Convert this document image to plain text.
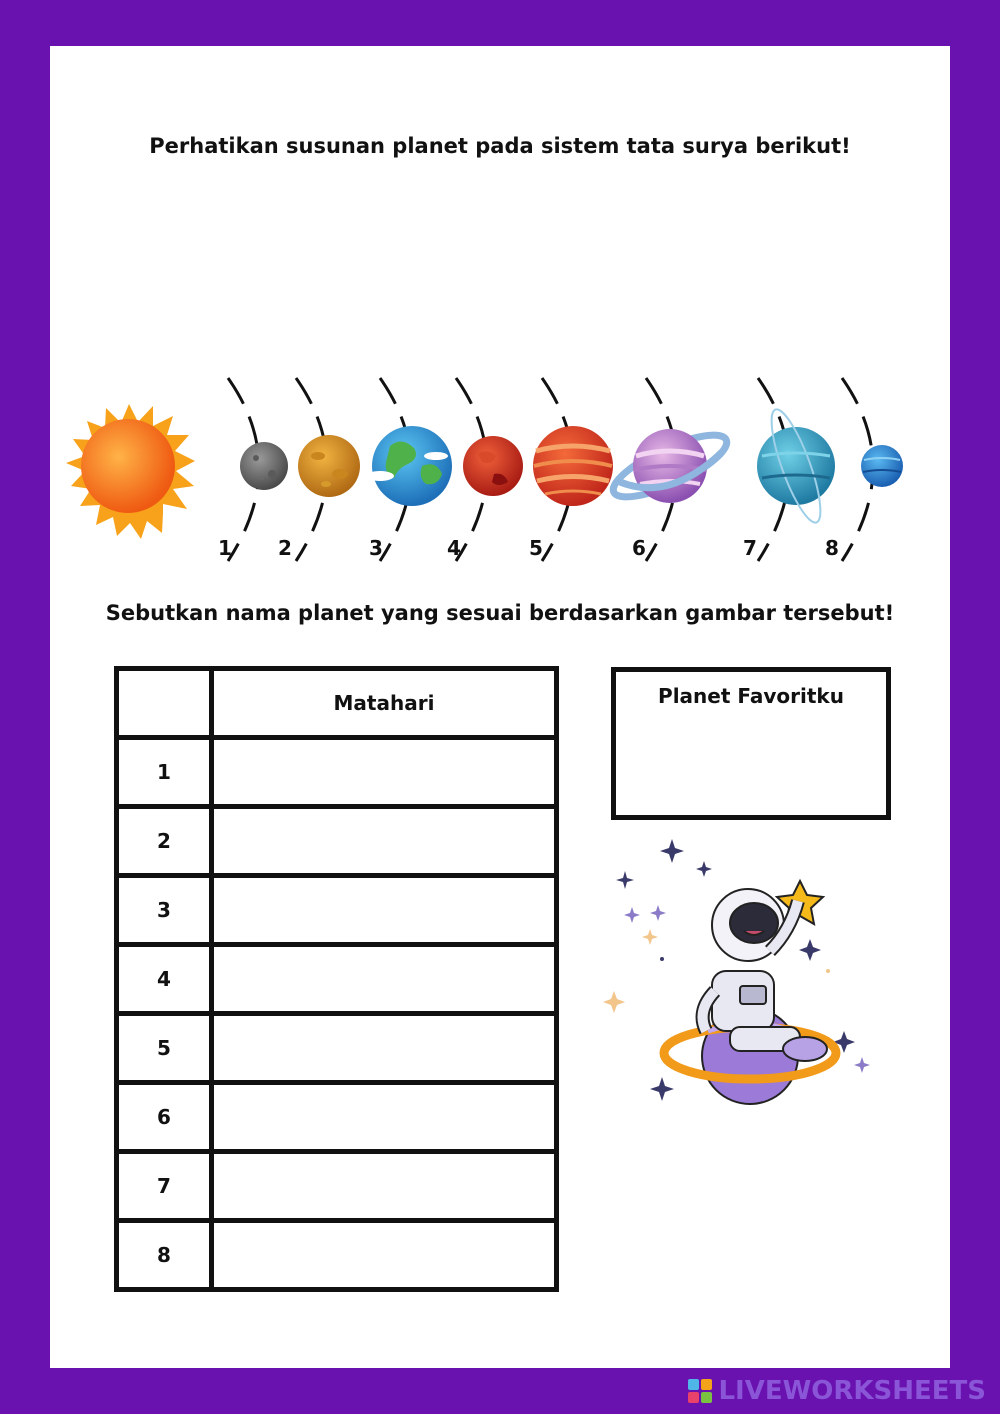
Perhatikan susunan planet pada sistem tata surya berikut!
1	2	3	4	5	6	7	8
Sebutkan nama planet yang sesuai berdasarkan gambar tersebut!
	Matahari
1	
2	
3	
4	
5	
6	
7	
8	
Planet Favoritku
LIVEWORKSHEETS
